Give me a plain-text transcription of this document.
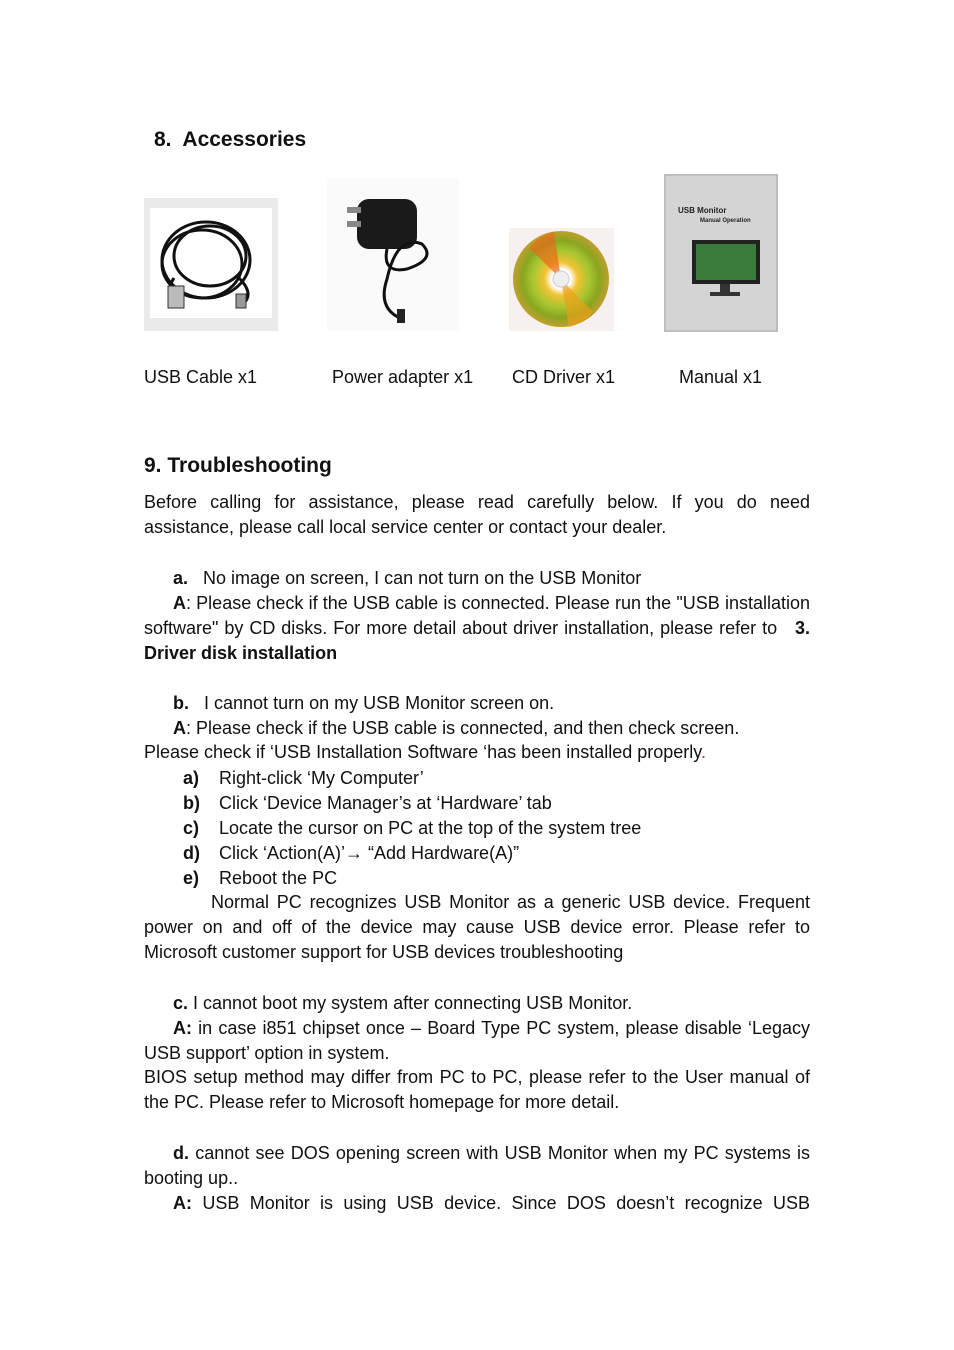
8. Accessories
USB Monitor
Manual Operation
USB Cable x1	Power adapter x1 CD Driver x1	Manual x1
9. Troubleshooting
Before calling for assistance, please read carefully below. If you do need assistance, please call local service center or contact your dealer.
a. No image on screen, I can not turn on the USB Monitor
A: Please check if the USB cable is connected. Please run the "USB installation software" by CD disks. For more detail about driver installation, please refer to   3. Driver disk installation
b. I cannot turn on my USB Monitor screen on.
A: Please check if the USB cable is connected, and then check screen.
Please check if ‘USB Installation Software ‘has been installed properly.
a) Right-click ‘My Computer’
b) Click ‘Device Manager’s at ‘Hardware’ tab
c) Locate the cursor on PC at the top of the system tree
d) Click ‘Action(A)’→ “Add Hardware(A)”
e) Reboot the PC
Normal PC recognizes USB Monitor as a generic USB device. Frequent power on and off of the device may cause USB device error. Please refer to Microsoft customer support for USB devices troubleshooting
c. I cannot boot my system after connecting USB Monitor.
A: in case i851 chipset once – Board Type PC system, please disable ‘Legacy USB support’ option in system.
BIOS setup method may differ from PC to PC, please refer to the User manual of the PC. Please refer to Microsoft homepage for more detail.
d. cannot see DOS opening screen with USB Monitor when my PC systems is booting up..
A: USB Monitor is using USB device. Since DOS doesn’t recognize USB
